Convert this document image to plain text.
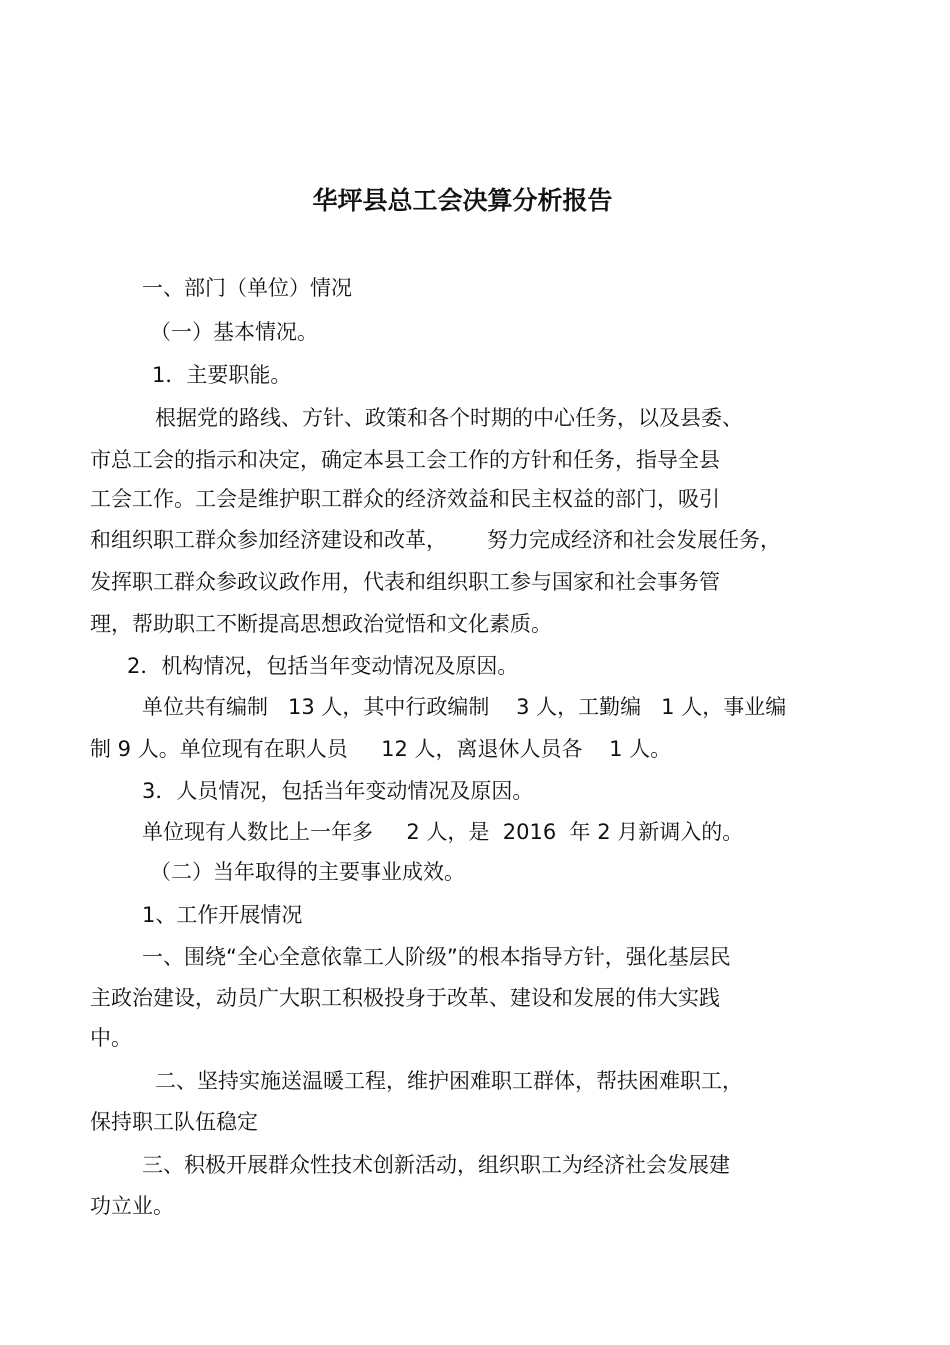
华坪县总工会决算分析报告

一、部门（单位）情况

（一）基本情况。

1．主要职能。

根据党的路线、方针、政策和各个时期的中心任务，以及县委、

市总工会的指示和决定，确定本县工会工作的方针和任务，指导全县

工会工作。工会是维护职工群众的经济效益和民主权益的部门，吸引

和组织职工群众参加经济建设和改革，      努力完成经济和社会发展任务，

发挥职工群众参政议政作用，代表和组织职工参与国家和社会事务管

理，帮助职工不断提高思想政治觉悟和文化素质。

2．机构情况，包括当年变动情况及原因。

单位共有编制   13 人，其中行政编制    3 人，工勤编   1 人，事业编

制 9 人。单位现有在职人员     12 人，离退休人员各    1 人。

3．人员情况，包括当年变动情况及原因。

单位现有人数比上一年多     2 人，是  2016  年 2 月新调入的。

（二）当年取得的主要事业成效。

1、工作开展情况

一、围绕“全心全意依靠工人阶级”的根本指导方针，强化基层民

主政治建设，动员广大职工积极投身于改革、建设和发展的伟大实践

中。

二、坚持实施送温暖工程，维护困难职工群体，帮扶困难职工，

保持职工队伍稳定

三、积极开展群众性技术创新活动，组织职工为经济社会发展建

功立业。
